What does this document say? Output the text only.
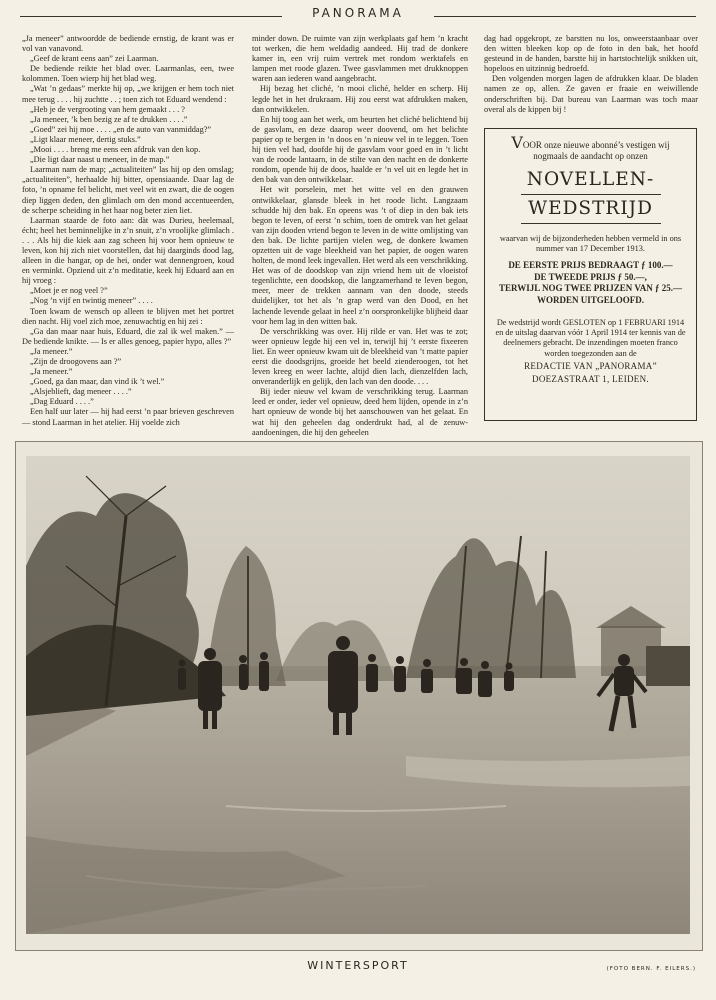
PANORAMA

„Ja meneer” antwoordde de bediende ernstig, de krant was er vol van vanavond.

„Geef de krant eens aan” zei Laarman.

De bediende reikte het blad over. Laarmanlas, een, twee kolommen. Toen wierp hij het blad weg.

„Wat ’n gedaas” merkte hij op, „we krijgen er hem toch niet mee terug . . . . hij zuchtte . . ; toen zich tot Eduard wendend :

„Heb je de vergrooting van hem gemaakt . . . ?

„Ja meneer, ’k ben bezig ze af te drukken . . . .”

„Goed” zei hij moe . . . . „en de auto van vanmiddag?”

„Ligt klaar meneer, dertig stuks.”

„Mooi . . . . breng me eens een afdruk van den kop.

„Die ligt daar naast u meneer, in de map.”

Laarman nam de map; „actualiteiten” las hij op den omslag; „actualiteiten”, herhaalde hij bitter, opensiaande. Daar lag de foto, ’n opname fel belicht, met veel wit en zwart, die de oogen diep liggen deden, den glimlach om den mond accentueerden, de scherpe scheiding in het haar nog beter zien liet.

Laarman staarde de foto aan: dàt was Durieu, heelemaal, écht; heel het beminnelijke in z’n snuit, z’n vroolijke glimlach . . . . Als hij die kiek aan zag scheen hij voor hem opnieuw te leven, kon hij zich niet voorstellen, dat hij daarginds dood lag, alleen in die hangar, op de hei, onder wat dennengroen, koud en verminkt. Opziend uit z’n meditatie, keek hij Eduard aan en hij vroeg :

„Moet je er nog veel ?”

„Nog ’n vijf en twintig meneer” . . . .

Toen kwam de wensch op alleen te blijven met het portret dien nacht. Hij voel zich moe, zenuwachtig en hij zei :

„Ga dan maar naar huis, Eduard, die zal ik wel maken.” — De bediende knikte. — Is er alles genoeg, papier hypo, alles ?”

„Ja meneer.”

„Zijn de droogovens aan ?”

„Ja meneer.”

„Goed, ga dan maar, dan vind ik ’t wel.”

„Alsjeblieft, dag meneer . . . .”

„Dag Eduard . . . .”

Een half uur later — hij had eerst ’n paar brieven geschreven — stond Laarman in het atelier. Hij voelde zich

minder down. De ruimte van zijn werkplaats gaf hem ’n kracht tot werken, die hem weldadig aandeed. Hij trad de donkere kamer in, een vrij ruim vertrek met rondom werktafels en lampen met roode glazen. Twee gasvlammen met drukknoppen waren aan iederen wand aangebracht.

Hij bezag het cliché, ’n mooi cliché, helder en scherp. Hij legde het in het drukraam. Hij zou eerst wat afdrukken maken, dan ontwikkelen.

En hij toog aan het werk, om beurten het cliché belichtend bij de gasvlam, en deze daarop weer doovend, om het belichte papier op te bergen in ’n doos en ’n nieuw vel in te leggen. Toen hij tien vel had, doofde hij de gasvlam voor goed en in ’t licht van de roode lantaarn, in de stilte van den nacht en de donkerte rondom, opende hij de doos, haalde er ’n vel uit en legde het in den bak van den ontwikkelaar.

Het wit porselein, met het witte vel en den grauwen ontwikkelaar, glansde bleek in het roode licht. Langzaam schudde hij den bak. En opeens was ’t of diep in den bak iets begon te leven, of eerst ’n schim, toen de omtrek van het gelaat van zijn dooden vriend begon te leven in de witte omlijsting van den bak. De lichte partijen vielen weg, de donkere kwamen opzetten uit de vage bleekheid van het papier, de oogen waren holten, de mond leek ingevallen. Het werd als een verschrikking. Het was of de doodskop van zijn vriend hem uit de vloeistof tegenlichtte, een doodskop, die langzamerhand te leven begon, meer, meer de trekken aannam van den doode, steeds duidelijker, tot het als ’n grap werd van den Dood, en het lachende levende gelaat in heel z’n oorspronkelijke blijheid daar voor hem lag in den witten bak.

De verschrikking was over. Hij rilde er van. Het was te zot; weer opnieuw legde hij een vel in, terwijl hij ’t eerste fixeeren liet. En weer opnieuw kwam uit de bleekheid van ’t matte papier eerst die doodsgrijns, groeide het beeld zienderoogen, tot het leven kreeg en weer lachte, altijd dien lach, dienzelfden lach, onveranderlijk en gelijk, den lach van den doode. . . .

Bij ieder nieuw vel kwam de verschrikking terug. Laarman leed er onder, ieder vel opnieuw, deed hem lijden, opende in z’n hart opnieuw de wonde bij het aanschouwen van het gelaat. En wat hij den geheelen dag onderdrukt had, al de zenuw-aandoeningen, die hij den geheelen

dag had opgekropt, ze barstten nu los, onweerstaanbaar over den witten bleeken kop op de foto in den bak, het hoofd gesteund in de handen, barstte hij in hartstochtelijk snikken uit, hopeloos en uitzinnig bedroefd.

Den volgenden morgen lagen de afdrukken klaar. De bladen namen ze op, allen. Ze gaven er fraaie en weiwillende onderschriften bij. Dat bureau van Laarman was toch maar overal als de kippen bij !

VOOR onze nieuwe abonné’s vestigen wij nogmaals de aandacht op onzen

NOVELLEN-
WEDSTRIJD

waarvan wij de bijzonderheden hebben vermeld in ons nummer van 17 December 1913.

DE EERSTE PRIJS BEDRAAGT ƒ 100.—

DE TWEEDE PRIJS ƒ 50.—,

TERWIJL NOG TWEE PRIJZEN VAN ƒ 25.— WORDEN UITGELOOFD.

De wedstrijd wordt GESLOTEN op 1 FEBRUARI 1914 en de uitslag daarvan vóór 1 April 1914 ter kennis van de deelnemers gebracht. De inzendingen moeten franco worden toegezonden aan de

REDACTIE VAN „PANORAMA”

DOEZASTRAAT 1, LEIDEN.

WINTERSPORT	(FOTO BERN. F. EILERS.)
